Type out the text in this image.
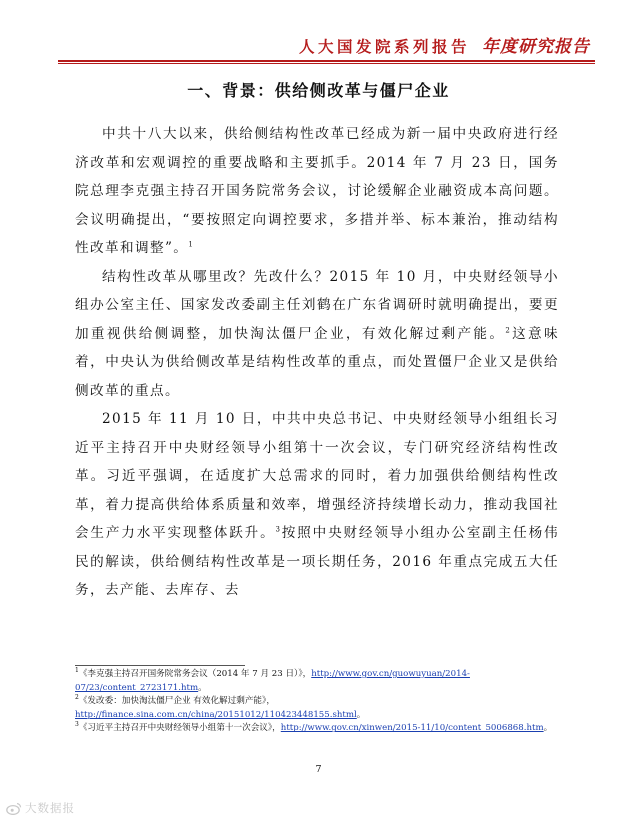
人大国发院系列报告 年度研究报告
一、背景：供给侧改革与僵尸企业

中共十八大以来，供给侧结构性改革已经成为新一届中央政府进行经济改革和宏观调控的重要战略和主要抓手。2014 年 7 月 23 日，国务院总理李克强主持召开国务院常务会议，讨论缓解企业融资成本高问题。会议明确提出，“要按照定向调控要求，多措并举、标本兼治，推动结构性改革和调整”。$^1$

结构性改革从哪里改？先改什么？2015 年 10 月，中央财经领导小组办公室主任、国家发改委副主任刘鹤在广东省调研时就明确提出，要更加重视供给侧调整，加快淘汰僵尸企业，有效化解过剩产能。$^2$这意味着，中央认为供给侧改革是结构性改革的重点，而处置僵尸企业又是供给侧改革的重点。

2015 年 11 月 10 日，中共中央总书记、中央财经领导小组组长习近平主持召开中央财经领导小组第十一次会议，专门研究经济结构性改革。习近平强调，在适度扩大总需求的同时，着力加强供给侧结构性改革，着力提高供给体系质量和效率，增强经济持续增长动力，推动我国社会生产力水平实现整体跃升。$^3$按照中央财经领导小组办公室副主任杨伟民的解读，供给侧结构性改革是一项长期任务，2016 年重点完成五大任务，去产能、去库存、去

$^1$《李克强主持召开国务院常务会议（2014 年 7 月 23 日）》，http://www.gov.cn/guowuyuan/2014-07/23/content_2723171.htm。

$^2$《发改委：加快淘汰僵尸企业 有效化解过剩产能》，http://finance.sina.com.cn/china/20151012/110423448155.shtml。

$^3$《习近平主持召开中央财经领导小组第十一次会议》，http://www.gov.cn/xinwen/2015-11/10/content_5006868.htm。

7
大数据报
